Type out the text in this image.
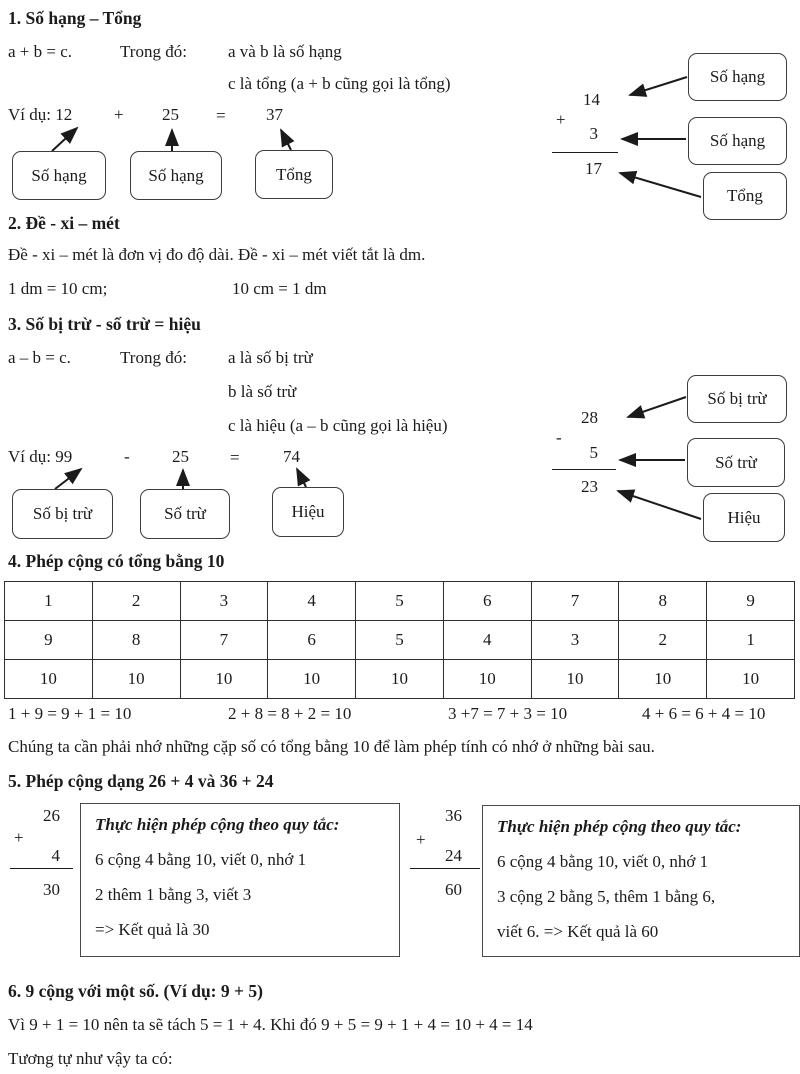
1. Số hạng – Tổng
a + b = c.	Trong đó: a và b là số hạng
c là tổng (a + b cũng gọi là tổng)
Ví dụ: 12 + 25 = 37
Số hạng	Số hạng	Tổng
14
+
3
17
Số hạng
Số hạng
Tổng
2. Đề - xi – mét
Đề - xi – mét là đơn vị đo độ dài. Đề - xi – mét viết tắt là dm.
1 dm = 10 cm;	10 cm = 1 dm
3. Số bị trừ - số trừ = hiệu
a – b = c.	Trong đó: a là số bị trừ
b là số trừ
c là hiệu (a – b cũng gọi là hiệu)
Ví dụ: 99	- 25 =	74
Số bị trừ	Số trừ	Hiệu
28
-
5
23
Số bị trừ
Số trừ
Hiệu
4. Phép cộng có tổng bằng 10
1	2	3	4	5	6	7	8	9
9	8	7	6	5	4	3	2	1
10	10	10	10	10	10	10	10	10
1 + 9 = 9 + 1 = 10	2 + 8 = 8 + 2 = 10	3 +7 = 7 + 3 = 10	4 + 6 = 6 + 4 = 10
Chúng ta cần phải nhớ những cặp số có tổng bằng 10 để làm phép tính có nhớ ở những bài sau.
5. Phép cộng dạng 26 + 4 và 36 + 24
26
+
4
30
Thực hiện phép cộng theo quy tắc:
6 cộng 4 bằng 10, viết 0, nhớ 1
2 thêm 1 bằng 3, viết 3
=> Kết quả là 30
36
+
24
60
Thực hiện phép cộng theo quy tắc:
6 cộng 4 bằng 10, viết 0, nhớ 1
3 cộng 2 bằng 5, thêm 1 bằng 6,
viết 6. => Kết quả là 60
6. 9 cộng với một số. (Ví dụ: 9 + 5)
Vì 9 + 1 = 10 nên ta sẽ tách 5 = 1 + 4. Khi đó 9 + 5 = 9 + 1 + 4 = 10 + 4 = 14
Tương tự như vậy ta có:
